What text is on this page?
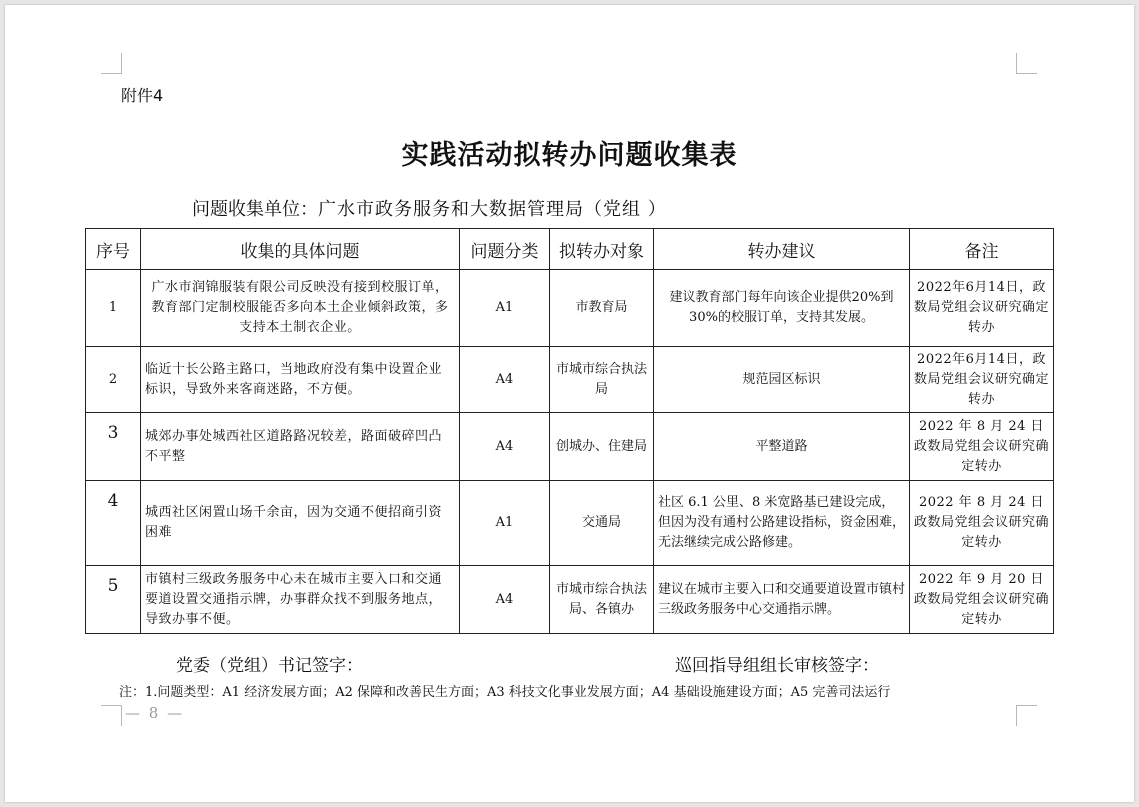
附件4
实践活动拟转办问题收集表
问题收集单位：广水市政务服务和大数据管理局（党组 ）
序号	收集的具体问题	问题分类	拟转办对象	转办建议	备注
1	广水市润锦服装有限公司反映没有接到校服订单，教育部门定制校服能否多向本土企业倾斜政策，多支持本土制衣企业。	A1	市教育局	建议教育部门每年向该企业提供20%到 30%的校服订单，支持其发展。	2022年6月14日，政数局党组会议研究确定转办
2	临近十长公路主路口，当地政府没有集中设置企业标识，导致外来客商迷路，不方便。	A4	市城市综合执法局	规范园区标识	2022年6月14日，政数局党组会议研究确定转办
3	城郊办事处城西社区道路路况较差，路面破碎凹凸不平整	A4	创城办、住建局	平整道路	2022 年 8 月 24 日政数局党组会议研究确定转办
4	城西社区闲置山场千余亩，因为交通不便招商引资困难	A1	交通局	社区 6.1 公里、8 米宽路基已建设完成，但因为没有通村公路建设指标，资金困难，无法继续完成公路修建。	2022 年 8 月 24 日政数局党组会议研究确定转办
5	市镇村三级政务服务中心未在城市主要入口和交通要道设置交通指示牌，办事群众找不到服务地点，导致办事不便。	A4	市城市综合执法局、各镇办	建议在城市主要入口和交通要道设置市镇村三级政务服务中心交通指示牌。	2022 年 9 月 20 日政数局党组会议研究确定转办
党委（党组）书记签字：	巡回指导组组长审核签字：
注：1.问题类型：A1 经济发展方面；A2 保障和改善民生方面；A3 科技文化事业发展方面；A4 基础设施建设方面；A5 完善司法运行
— 8 —
